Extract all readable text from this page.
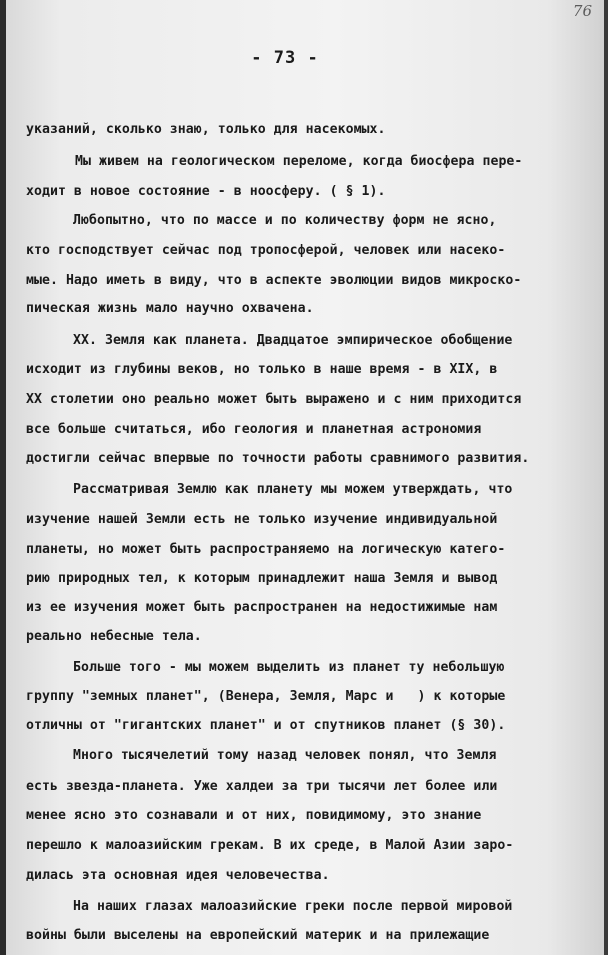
76
- 73 -
указаний, сколько знаю, только для насекомых.
Мы живем на геологическом переломе, когда биосфера пере-
ходит в новое состояние - в ноосферу. ( § 1).
Любопытно, что по массе и по количеству форм не ясно,
кто господствует сейчас под тропосферой, человек или насеко-
мые. Надо иметь в виду, что в аспекте эволюции видов микроско-
пическая жизнь мало научно охвачена.
XX. Земля как планета. Двадцатое эмпирическое обобщение
исходит из глубины веков, но только в наше время - в XIX, в
XX столетии оно реально может быть выражено и с ним приходится
все больше считаться, ибо геология и планетная астрономия
достигли сейчас впервые по точности работы сравнимого развития.
Рассматривая Землю как планету мы можем утверждать, что
изучение нашей Земли есть не только изучение индивидуальной
планеты, но может быть распространяемо на логическую катего-
рию природных тел, к которым принадлежит наша Земля и вывод
из ее изучения может быть распространен на недостижимые нам
реально небесные тела.
Больше того - мы можем выделить из планет ту небольшую
группу "земных планет", (Венера, Земля, Марс и   ) к которые
отличны от "гигантских планет" и от спутников планет (§ 30).
Много тысячелетий тому назад человек понял, что Земля
есть звезда-планета. Уже халдеи за три тысячи лет более или
менее ясно это сознавали и от них, повидимому, это знание
перешло к малоазийским грекам. В их среде, в Малой Азии заро-
дилась эта основная идея человечества.
На наших глазах малоазийские греки после первой мировой
войны были выселены на европейский материк и на прилежащие
